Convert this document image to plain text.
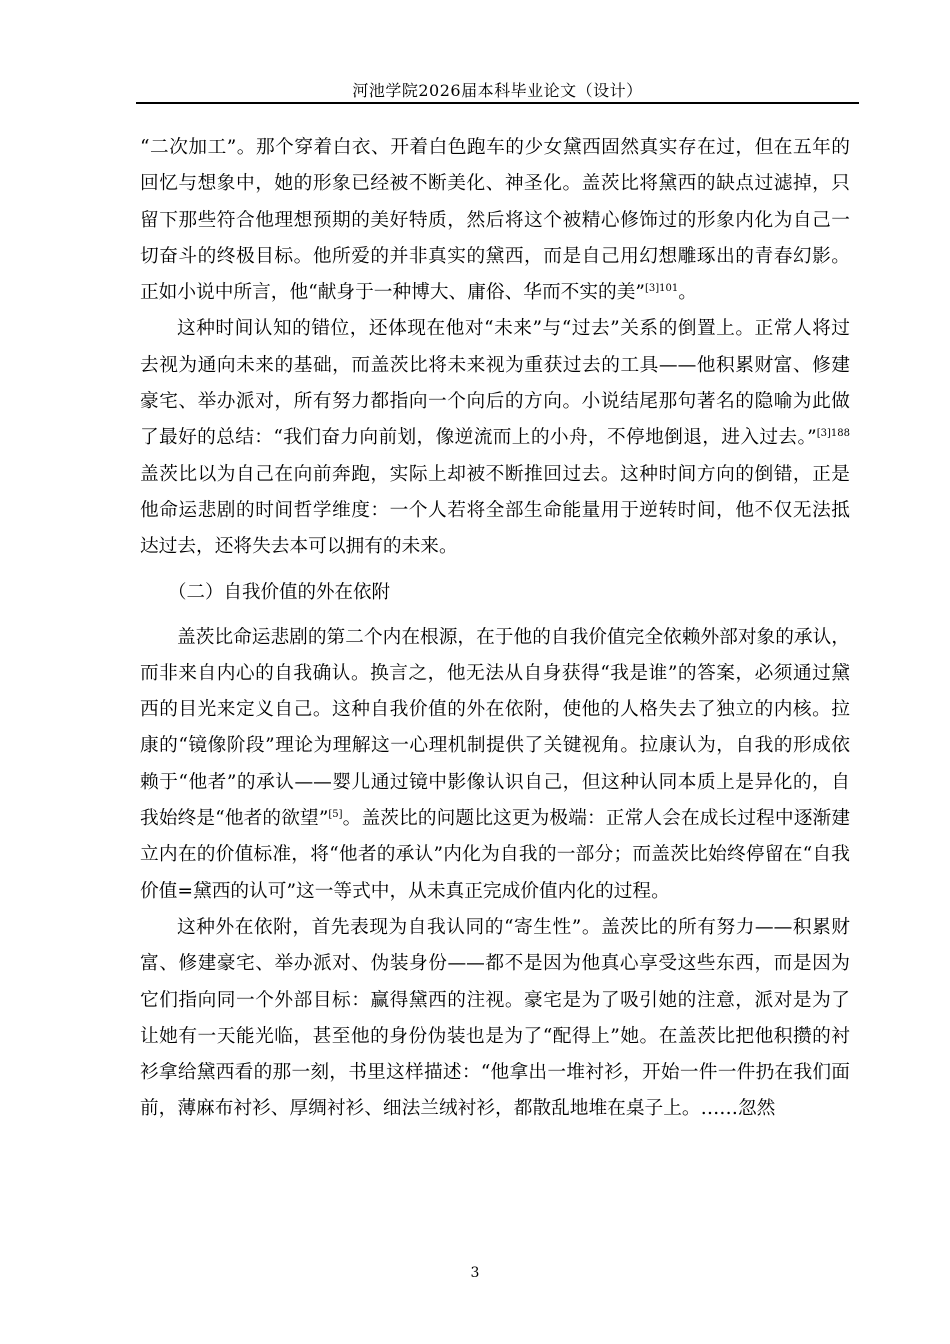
河池学院2026届本科毕业论文（设计）

“二次加工”。那个穿着白衣、开着白色跑车的少女黛西固然真实存在过，但在五年的回忆与想象中，她的形象已经被不断美化、神圣化。盖茨比将黛西的缺点过滤掉，只留下那些符合他理想预期的美好特质，然后将这个被精心修饰过的形象内化为自己一切奋斗的终极目标。他所爱的并非真实的黛西，而是自己用幻想雕琢出的青春幻影。正如小说中所言，他“献身于一种博大、庸俗、华而不实的美”$^{[3]101}$。

这种时间认知的错位，还体现在他对“未来”与“过去”关系的倒置上。正常人将过去视为通向未来的基础，而盖茨比将未来视为重获过去的工具——他积累财富、修建豪宅、举办派对，所有努力都指向一个向后的方向。小说结尾那句著名的隐喻为此做了最好的总结：“我们奋力向前划，像逆流而上的小舟，不停地倒退，进入过去。”$^{[3]188}$盖茨比以为自己在向前奔跑，实际上却被不断推回过去。这种时间方向的倒错，正是他命运悲剧的时间哲学维度：一个人若将全部生命能量用于逆转时间，他不仅无法抵达过去，还将失去本可以拥有的未来。

（二）自我价值的外在依附

盖茨比命运悲剧的第二个内在根源，在于他的自我价值完全依赖外部对象的承认，而非来自内心的自我确认。换言之，他无法从自身获得“我是谁”的答案，必须通过黛西的目光来定义自己。这种自我价值的外在依附，使他的人格失去了独立的内核。拉康的“镜像阶段”理论为理解这一心理机制提供了关键视角。拉康认为，自我的形成依赖于“他者”的承认——婴儿通过镜中影像认识自己，但这种认同本质上是异化的，自我始终是“他者的欲望”[5]。盖茨比的问题比这更为极端：正常人会在成长过程中逐渐建立内在的价值标准，将“他者的承认”内化为自我的一部分；而盖茨比始终停留在“自我价值=黛西的认可”这一等式中，从未真正完成价值内化的过程。

这种外在依附，首先表现为自我认同的“寄生性”。盖茨比的所有努力——积累财富、修建豪宅、举办派对、伪装身份——都不是因为他真心享受这些东西，而是因为它们指向同一个外部目标：赢得黛西的注视。豪宅是为了吸引她的注意，派对是为了让她有一天能光临，甚至他的身份伪装也是为了“配得上”她。在盖茨比把他积攒的衬衫拿给黛西看的那一刻，书里这样描述：“他拿出一堆衬衫，开始一件一件扔在我们面前，薄麻布衬衫、厚绸衬衫、细法兰绒衬衫，都散乱地堆在桌子上。……忽然

3
